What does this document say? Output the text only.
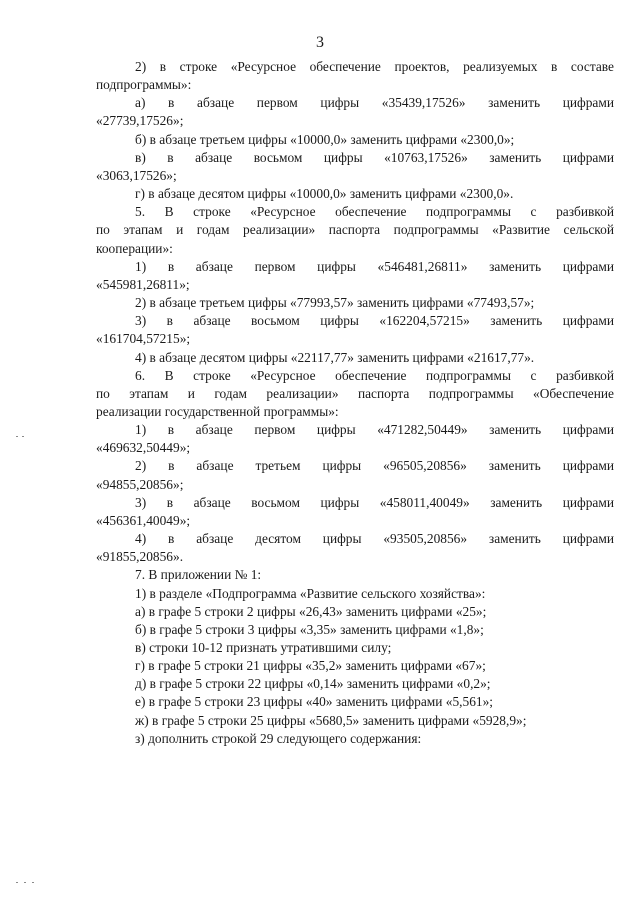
3

2) в строке «Ресурсное обеспечение проектов, реализуемых в составе

подпрограммы»:

а) в абзаце первом цифры «35439,17526» заменить цифрами

«27739,17526»;

б) в абзаце третьем цифры «10000,0» заменить цифрами «2300,0»;

в) в абзаце восьмом цифры «10763,17526» заменить цифрами

«3063,17526»;

г) в абзаце десятом цифры «10000,0» заменить цифрами «2300,0».

5. В строке «Ресурсное обеспечение подпрограммы с разбивкой

по этапам и годам реализации» паспорта подпрограммы «Развитие сельской

кооперации»:

1) в абзаце первом цифры «546481,26811» заменить цифрами

«545981,26811»;

2) в абзаце третьем цифры «77993,57» заменить цифрами «77493,57»;

3) в абзаце восьмом цифры «162204,57215» заменить цифрами

«161704,57215»;

4) в абзаце десятом цифры «22117,77» заменить цифрами «21617,77».

6. В строке «Ресурсное обеспечение подпрограммы с разбивкой

по этапам и годам реализации» паспорта подпрограммы «Обеспечение

реализации государственной программы»:

1) в абзаце первом цифры «471282,50449» заменить цифрами

«469632,50449»;

2) в абзаце третьем цифры «96505,20856» заменить цифрами

«94855,20856»;

3) в абзаце восьмом цифры «458011,40049» заменить цифрами

«456361,40049»;

4) в абзаце десятом цифры «93505,20856» заменить цифрами

«91855,20856».

7. В приложении № 1:

1) в разделе «Подпрограмма «Развитие сельского хозяйства»:

а) в графе 5 строки 2 цифры «26,43» заменить цифрами «25»;

б) в графе 5 строки 3 цифры «3,35» заменить цифрами «1,8»;

в) строки 10-12 признать утратившими силу;

г) в графе 5 строки 21 цифры «35,2» заменить цифрами «67»;

д) в графе 5 строки 22 цифры «0,14» заменить цифрами «0,2»;

е) в графе 5 строки 23 цифры «40» заменить цифрами «5,561»;

ж) в графе 5 строки 25 цифры «5680,5» заменить цифрами «5928,9»;

з) дополнить строкой 29 следующего содержания:
